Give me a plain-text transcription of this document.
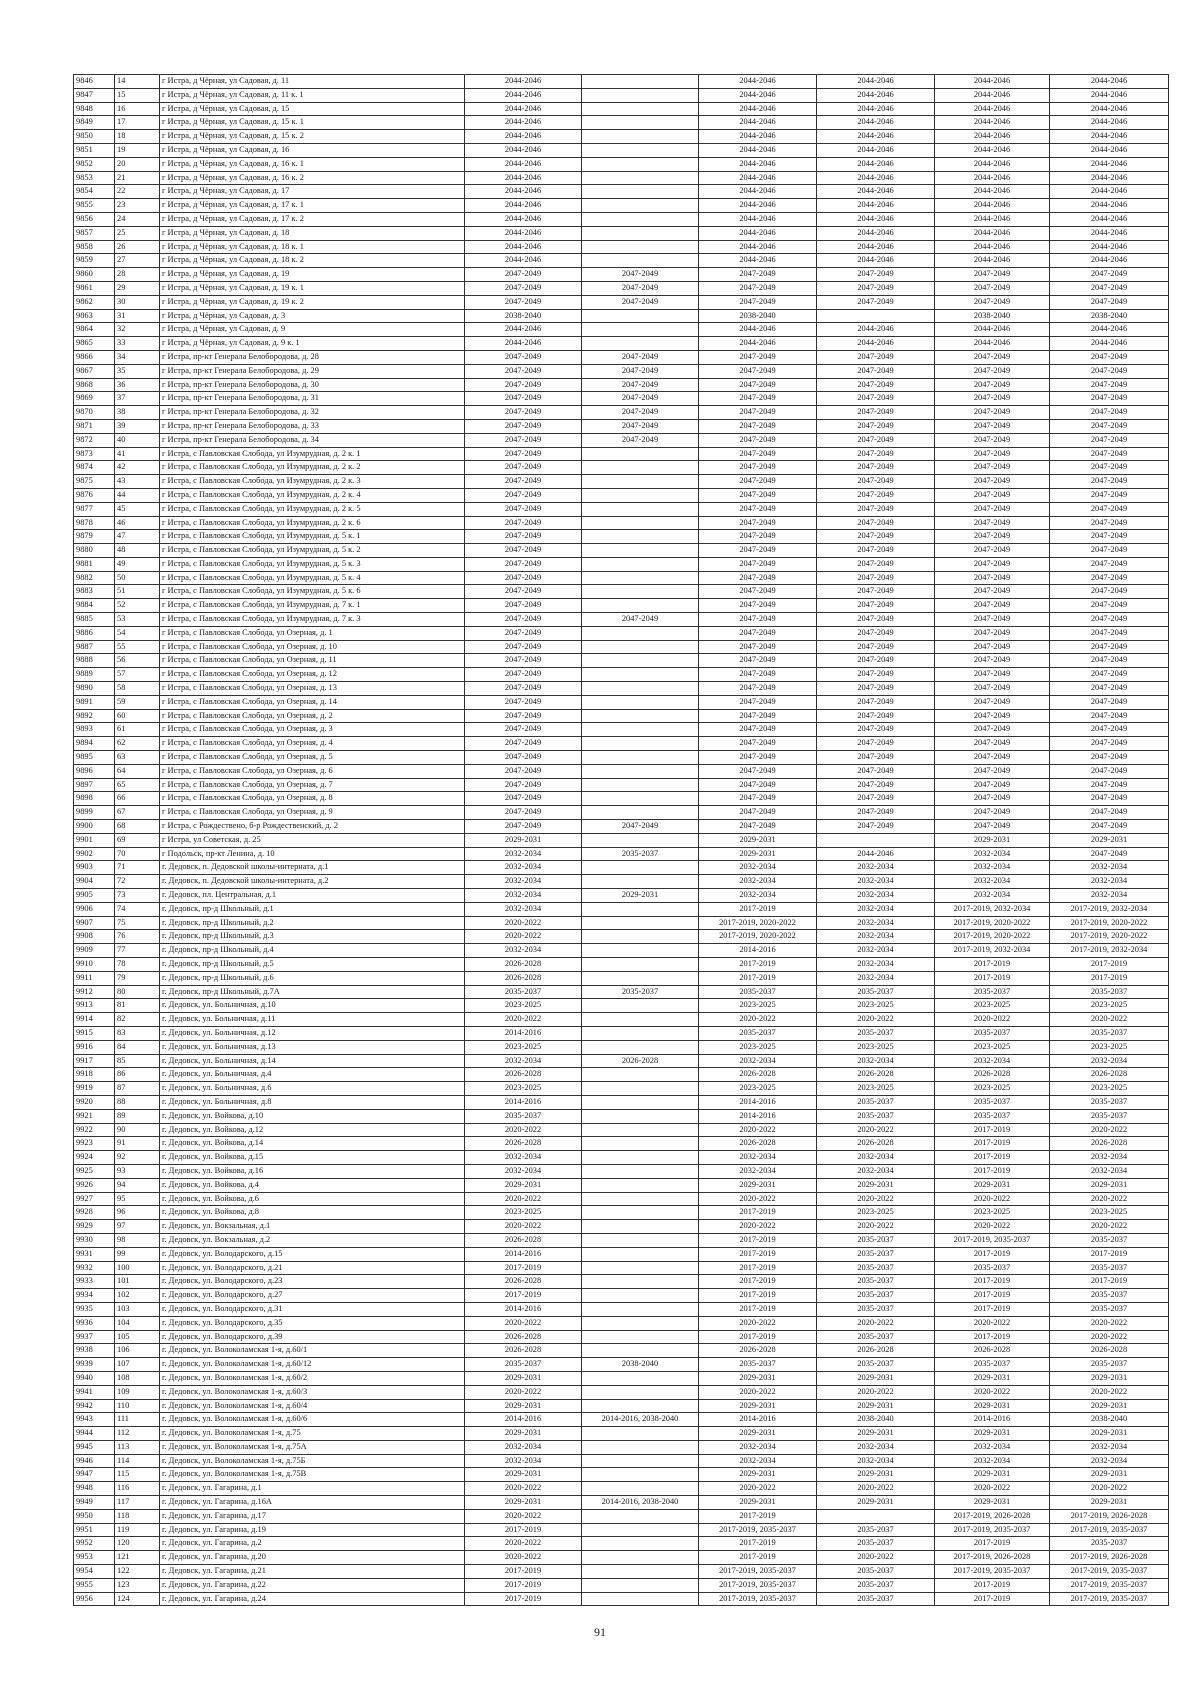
9846	14	г Истра, д Чёрная, ул Садовая, д. 11	2044-2046		2044-2046	2044-2046	2044-2046	2044-2046
9847	15	г Истра, д Чёрная, ул Садовая, д. 11 к. 1	2044-2046		2044-2046	2044-2046	2044-2046	2044-2046
9848	16	г Истра, д Чёрная, ул Садовая, д. 15	2044-2046		2044-2046	2044-2046	2044-2046	2044-2046
9849	17	г Истра, д Чёрная, ул Садовая, д. 15 к. 1	2044-2046		2044-2046	2044-2046	2044-2046	2044-2046
9850	18	г Истра, д Чёрная, ул Садовая, д. 15 к. 2	2044-2046		2044-2046	2044-2046	2044-2046	2044-2046
9851	19	г Истра, д Чёрная, ул Садовая, д. 16	2044-2046		2044-2046	2044-2046	2044-2046	2044-2046
9852	20	г Истра, д Чёрная, ул Садовая, д. 16 к. 1	2044-2046		2044-2046	2044-2046	2044-2046	2044-2046
9853	21	г Истра, д Чёрная, ул Садовая, д. 16 к. 2	2044-2046		2044-2046	2044-2046	2044-2046	2044-2046
9854	22	г Истра, д Чёрная, ул Садовая, д. 17	2044-2046		2044-2046	2044-2046	2044-2046	2044-2046
9855	23	г Истра, д Чёрная, ул Садовая, д. 17 к. 1	2044-2046		2044-2046	2044-2046	2044-2046	2044-2046
9856	24	г Истра, д Чёрная, ул Садовая, д. 17 к. 2	2044-2046		2044-2046	2044-2046	2044-2046	2044-2046
9857	25	г Истра, д Чёрная, ул Садовая, д. 18	2044-2046		2044-2046	2044-2046	2044-2046	2044-2046
9858	26	г Истра, д Чёрная, ул Садовая, д. 18 к. 1	2044-2046		2044-2046	2044-2046	2044-2046	2044-2046
9859	27	г Истра, д Чёрная, ул Садовая, д. 18 к. 2	2044-2046		2044-2046	2044-2046	2044-2046	2044-2046
9860	28	г Истра, д Чёрная, ул Садовая, д. 19	2047-2049	2047-2049	2047-2049	2047-2049	2047-2049	2047-2049
9861	29	г Истра, д Чёрная, ул Садовая, д. 19 к. 1	2047-2049	2047-2049	2047-2049	2047-2049	2047-2049	2047-2049
9862	30	г Истра, д Чёрная, ул Садовая, д. 19 к. 2	2047-2049	2047-2049	2047-2049	2047-2049	2047-2049	2047-2049
9863	31	г Истра, д Чёрная, ул Садовая, д. 3	2038-2040		2038-2040		2038-2040	2038-2040
9864	32	г Истра, д Чёрная, ул Садовая, д. 9	2044-2046		2044-2046	2044-2046	2044-2046	2044-2046
9865	33	г Истра, д Чёрная, ул Садовая, д. 9 к. 1	2044-2046		2044-2046	2044-2046	2044-2046	2044-2046
9866	34	г Истра, пр-кт Генерала Белобородова, д. 28	2047-2049	2047-2049	2047-2049	2047-2049	2047-2049	2047-2049
9867	35	г Истра, пр-кт Генерала Белобородова, д. 29	2047-2049	2047-2049	2047-2049	2047-2049	2047-2049	2047-2049
9868	36	г Истра, пр-кт Генерала Белобородова, д. 30	2047-2049	2047-2049	2047-2049	2047-2049	2047-2049	2047-2049
9869	37	г Истра, пр-кт Генерала Белобородова, д. 31	2047-2049	2047-2049	2047-2049	2047-2049	2047-2049	2047-2049
9870	38	г Истра, пр-кт Генерала Белобородова, д. 32	2047-2049	2047-2049	2047-2049	2047-2049	2047-2049	2047-2049
9871	39	г Истра, пр-кт Генерала Белобородова, д. 33	2047-2049	2047-2049	2047-2049	2047-2049	2047-2049	2047-2049
9872	40	г Истра, пр-кт Генерала Белобородова, д. 34	2047-2049	2047-2049	2047-2049	2047-2049	2047-2049	2047-2049
9873	41	г Истра, с Павловская Слобода, ул Изумрудная, д. 2 к. 1	2047-2049		2047-2049	2047-2049	2047-2049	2047-2049
9874	42	г Истра, с Павловская Слобода, ул Изумрудная, д. 2 к. 2	2047-2049		2047-2049	2047-2049	2047-2049	2047-2049
9875	43	г Истра, с Павловская Слобода, ул Изумрудная, д. 2 к. 3	2047-2049		2047-2049	2047-2049	2047-2049	2047-2049
9876	44	г Истра, с Павловская Слобода, ул Изумрудная, д. 2 к. 4	2047-2049		2047-2049	2047-2049	2047-2049	2047-2049
9877	45	г Истра, с Павловская Слобода, ул Изумрудная, д. 2 к. 5	2047-2049		2047-2049	2047-2049	2047-2049	2047-2049
9878	46	г Истра, с Павловская Слобода, ул Изумрудная, д. 2 к. 6	2047-2049		2047-2049	2047-2049	2047-2049	2047-2049
9879	47	г Истра, с Павловская Слобода, ул Изумрудная, д. 5 к. 1	2047-2049		2047-2049	2047-2049	2047-2049	2047-2049
9880	48	г Истра, с Павловская Слобода, ул Изумрудная, д. 5 к. 2	2047-2049		2047-2049	2047-2049	2047-2049	2047-2049
9881	49	г Истра, с Павловская Слобода, ул Изумрудная, д. 5 к. 3	2047-2049		2047-2049	2047-2049	2047-2049	2047-2049
9882	50	г Истра, с Павловская Слобода, ул Изумрудная, д. 5 к. 4	2047-2049		2047-2049	2047-2049	2047-2049	2047-2049
9883	51	г Истра, с Павловская Слобода, ул Изумрудная, д. 5 к. 6	2047-2049		2047-2049	2047-2049	2047-2049	2047-2049
9884	52	г Истра, с Павловская Слобода, ул Изумрудная, д. 7 к. 1	2047-2049		2047-2049	2047-2049	2047-2049	2047-2049
9885	53	г Истра, с Павловская Слобода, ул Изумрудная, д. 7 к. 3	2047-2049	2047-2049	2047-2049	2047-2049	2047-2049	2047-2049
9886	54	г Истра, с Павловская Слобода, ул Озерная, д. 1	2047-2049		2047-2049	2047-2049	2047-2049	2047-2049
9887	55	г Истра, с Павловская Слобода, ул Озерная, д. 10	2047-2049		2047-2049	2047-2049	2047-2049	2047-2049
9888	56	г Истра, с Павловская Слобода, ул Озерная, д. 11	2047-2049		2047-2049	2047-2049	2047-2049	2047-2049
9889	57	г Истра, с Павловская Слобода, ул Озерная, д. 12	2047-2049		2047-2049	2047-2049	2047-2049	2047-2049
9890	58	г Истра, с Павловская Слобода, ул Озерная, д. 13	2047-2049		2047-2049	2047-2049	2047-2049	2047-2049
9891	59	г Истра, с Павловская Слобода, ул Озерная, д. 14	2047-2049		2047-2049	2047-2049	2047-2049	2047-2049
9892	60	г Истра, с Павловская Слобода, ул Озерная, д. 2	2047-2049		2047-2049	2047-2049	2047-2049	2047-2049
9893	61	г Истра, с Павловская Слобода, ул Озерная, д. 3	2047-2049		2047-2049	2047-2049	2047-2049	2047-2049
9894	62	г Истра, с Павловская Слобода, ул Озерная, д. 4	2047-2049		2047-2049	2047-2049	2047-2049	2047-2049
9895	63	г Истра, с Павловская Слобода, ул Озерная, д. 5	2047-2049		2047-2049	2047-2049	2047-2049	2047-2049
9896	64	г Истра, с Павловская Слобода, ул Озерная, д. 6	2047-2049		2047-2049	2047-2049	2047-2049	2047-2049
9897	65	г Истра, с Павловская Слобода, ул Озерная, д. 7	2047-2049		2047-2049	2047-2049	2047-2049	2047-2049
9898	66	г Истра, с Павловская Слобода, ул Озерная, д. 8	2047-2049		2047-2049	2047-2049	2047-2049	2047-2049
9899	67	г Истра, с Павловская Слобода, ул Озерная, д. 9	2047-2049		2047-2049	2047-2049	2047-2049	2047-2049
9900	68	г Истра, с Рождествено, б-р Рождественский, д. 2	2047-2049	2047-2049	2047-2049	2047-2049	2047-2049	2047-2049
9901	69	г Истра, ул Советская, д. 25	2029-2031		2029-2031		2029-2031	2029-2031
9902	70	г Подольск, пр-кт Ленина, д. 10	2032-2034	2035-2037	2029-2031	2044-2046	2032-2034	2047-2049
9903	71	г. Дедовск, п. Дедовской школы-интерната, д.1	2032-2034		2032-2034	2032-2034	2032-2034	2032-2034
9904	72	г. Дедовск, п. Дедовской школы-интерната, д.2	2032-2034		2032-2034	2032-2034	2032-2034	2032-2034
9905	73	г. Дедовск, пл. Центральная, д.1	2032-2034	2029-2031	2032-2034	2032-2034	2032-2034	2032-2034
9906	74	г. Дедовск, пр-д Школьный, д.1	2032-2034		2017-2019	2032-2034	2017-2019, 2032-2034	2017-2019, 2032-2034
9907	75	г. Дедовск, пр-д Школьный, д.2	2020-2022		2017-2019, 2020-2022	2032-2034	2017-2019, 2020-2022	2017-2019, 2020-2022
9908	76	г. Дедовск, пр-д Школьный, д.3	2020-2022		2017-2019, 2020-2022	2032-2034	2017-2019, 2020-2022	2017-2019, 2020-2022
9909	77	г. Дедовск, пр-д Школьный, д.4	2032-2034		2014-2016	2032-2034	2017-2019, 2032-2034	2017-2019, 2032-2034
9910	78	г. Дедовск, пр-д Школьный, д.5	2026-2028		2017-2019	2032-2034	2017-2019	2017-2019
9911	79	г. Дедовск, пр-д Школьный, д.6	2026-2028		2017-2019	2032-2034	2017-2019	2017-2019
9912	80	г. Дедовск, пр-д Школьный, д.7А	2035-2037	2035-2037	2035-2037	2035-2037	2035-2037	2035-2037
9913	81	г. Дедовск, ул. Больничная, д.10	2023-2025		2023-2025	2023-2025	2023-2025	2023-2025
9914	82	г. Дедовск, ул. Больничная, д.11	2020-2022		2020-2022	2020-2022	2020-2022	2020-2022
9915	83	г. Дедовск, ул. Больничная, д.12	2014-2016		2035-2037	2035-2037	2035-2037	2035-2037
9916	84	г. Дедовск, ул. Больничная, д.13	2023-2025		2023-2025	2023-2025	2023-2025	2023-2025
9917	85	г. Дедовск, ул. Больничная, д.14	2032-2034	2026-2028	2032-2034	2032-2034	2032-2034	2032-2034
9918	86	г. Дедовск, ул. Больничная, д.4	2026-2028		2026-2028	2026-2028	2026-2028	2026-2028
9919	87	г. Дедовск, ул. Больничная, д.6	2023-2025		2023-2025	2023-2025	2023-2025	2023-2025
9920	88	г. Дедовск, ул. Больничная, д.8	2014-2016		2014-2016	2035-2037	2035-2037	2035-2037
9921	89	г. Дедовск, ул. Войкова, д.10	2035-2037		2014-2016	2035-2037	2035-2037	2035-2037
9922	90	г. Дедовск, ул. Войкова, д.12	2020-2022		2020-2022	2020-2022	2017-2019	2020-2022
9923	91	г. Дедовск, ул. Войкова, д.14	2026-2028		2026-2028	2026-2028	2017-2019	2026-2028
9924	92	г. Дедовск, ул. Войкова, д.15	2032-2034		2032-2034	2032-2034	2017-2019	2032-2034
9925	93	г. Дедовск, ул. Войкова, д.16	2032-2034		2032-2034	2032-2034	2017-2019	2032-2034
9926	94	г. Дедовск, ул. Войкова, д.4	2029-2031		2029-2031	2029-2031	2029-2031	2029-2031
9927	95	г. Дедовск, ул. Войкова, д.6	2020-2022		2020-2022	2020-2022	2020-2022	2020-2022
9928	96	г. Дедовск, ул. Войкова, д.8	2023-2025		2017-2019	2023-2025	2023-2025	2023-2025
9929	97	г. Дедовск, ул. Вокзальная, д.1	2020-2022		2020-2022	2020-2022	2020-2022	2020-2022
9930	98	г. Дедовск, ул. Вокзальная, д.2	2026-2028		2017-2019	2035-2037	2017-2019, 2035-2037	2035-2037
9931	99	г. Дедовск, ул. Володарского, д.15	2014-2016		2017-2019	2035-2037	2017-2019	2017-2019
9932	100	г. Дедовск, ул. Володарского, д.21	2017-2019		2017-2019	2035-2037	2035-2037	2035-2037
9933	101	г. Дедовск, ул. Володарского, д.23	2026-2028		2017-2019	2035-2037	2017-2019	2017-2019
9934	102	г. Дедовск, ул. Володарского, д.27	2017-2019		2017-2019	2035-2037	2017-2019	2035-2037
9935	103	г. Дедовск, ул. Володарского, д.31	2014-2016		2017-2019	2035-2037	2017-2019	2035-2037
9936	104	г. Дедовск, ул. Володарского, д.35	2020-2022		2020-2022	2020-2022	2020-2022	2020-2022
9937	105	г. Дедовск, ул. Володарского, д.39	2026-2028		2017-2019	2035-2037	2017-2019	2020-2022
9938	106	г. Дедовск, ул. Волоколамская 1-я, д.60/1	2026-2028		2026-2028	2026-2028	2026-2028	2026-2028
9939	107	г. Дедовск, ул. Волоколамская 1-я, д.60/12	2035-2037	2038-2040	2035-2037	2035-2037	2035-2037	2035-2037
9940	108	г. Дедовск, ул. Волоколамская 1-я, д.60/2	2029-2031		2029-2031	2029-2031	2029-2031	2029-2031
9941	109	г. Дедовск, ул. Волоколамская 1-я, д.60/3	2020-2022		2020-2022	2020-2022	2020-2022	2020-2022
9942	110	г. Дедовск, ул. Волоколамская 1-я, д.60/4	2029-2031		2029-2031	2029-2031	2029-2031	2029-2031
9943	111	г. Дедовск, ул. Волоколамская 1-я, д.60/6	2014-2016	2014-2016, 2038-2040	2014-2016	2038-2040	2014-2016	2038-2040
9944	112	г. Дедовск, ул. Волоколамская 1-я, д.75	2029-2031		2029-2031	2029-2031	2029-2031	2029-2031
9945	113	г. Дедовск, ул. Волоколамская 1-я, д.75А	2032-2034		2032-2034	2032-2034	2032-2034	2032-2034
9946	114	г. Дедовск, ул. Волоколамская 1-я, д.75Б	2032-2034		2032-2034	2032-2034	2032-2034	2032-2034
9947	115	г. Дедовск, ул. Волоколамская 1-я, д.75В	2029-2031		2029-2031	2029-2031	2029-2031	2029-2031
9948	116	г. Дедовск, ул. Гагарина, д.1	2020-2022		2020-2022	2020-2022	2020-2022	2020-2022
9949	117	г. Дедовск, ул. Гагарина, д.16А	2029-2031	2014-2016, 2038-2040	2029-2031	2029-2031	2029-2031	2029-2031
9950	118	г. Дедовск, ул. Гагарина, д.17	2020-2022		2017-2019		2017-2019, 2026-2028	2017-2019, 2026-2028
9951	119	г. Дедовск, ул. Гагарина, д.19	2017-2019		2017-2019, 2035-2037	2035-2037	2017-2019, 2035-2037	2017-2019, 2035-2037
9952	120	г. Дедовск, ул. Гагарина, д.2	2020-2022		2017-2019	2035-2037	2017-2019	2035-2037
9953	121	г. Дедовск, ул. Гагарина, д.20	2020-2022		2017-2019	2020-2022	2017-2019, 2026-2028	2017-2019, 2026-2028
9954	122	г. Дедовск, ул. Гагарина, д.21	2017-2019		2017-2019, 2035-2037	2035-2037	2017-2019, 2035-2037	2017-2019, 2035-2037
9955	123	г. Дедовск, ул. Гагарина, д.22	2017-2019		2017-2019, 2035-2037	2035-2037	2017-2019	2017-2019, 2035-2037
9956	124	г. Дедовск, ул. Гагарина, д.24	2017-2019		2017-2019, 2035-2037	2035-2037	2017-2019	2017-2019, 2035-2037
91
